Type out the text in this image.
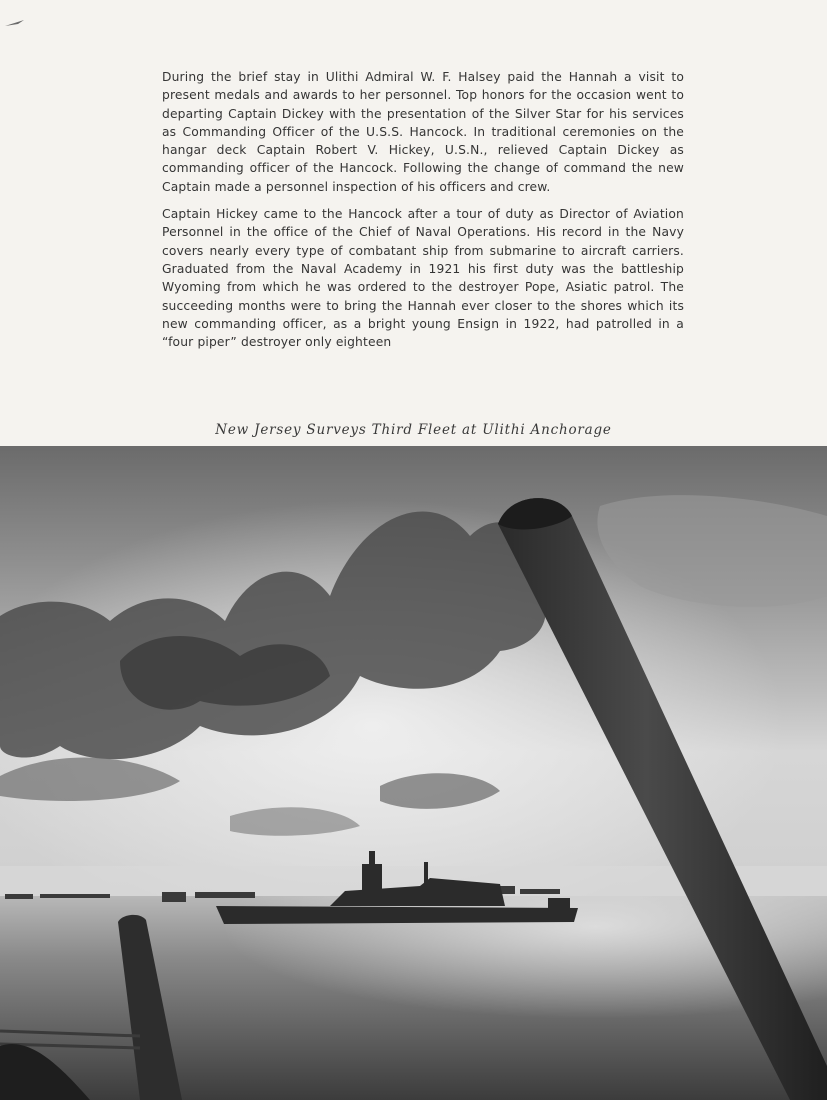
During the brief stay in Ulithi Admiral W. F. Halsey paid the Hannah a visit to present medals and awards to her personnel. Top honors for the occasion went to departing Captain Dickey with the presentation of the Silver Star for his services as Commanding Officer of the U.S.S. Hancock. In traditional ceremonies on the hangar deck Captain Robert V. Hickey, U.S.N., relieved Captain Dickey as commanding officer of the Hancock. Following the change of command the new Captain made a personnel inspection of his officers and crew.

Captain Hickey came to the Hancock after a tour of duty as Director of Aviation Personnel in the office of the Chief of Naval Operations. His record in the Navy covers nearly every type of combatant ship from submarine to aircraft carriers. Graduated from the Naval Academy in 1921 his first duty was the battleship Wyoming from which he was ordered to the destroyer Pope, Asiatic patrol. The succeeding months were to bring the Hannah ever closer to the shores which its new commanding officer, as a bright young Ensign in 1922, had patrolled in a “four piper” destroyer only eighteen

New Jersey Surveys Third Fleet at Ulithi Anchorage
